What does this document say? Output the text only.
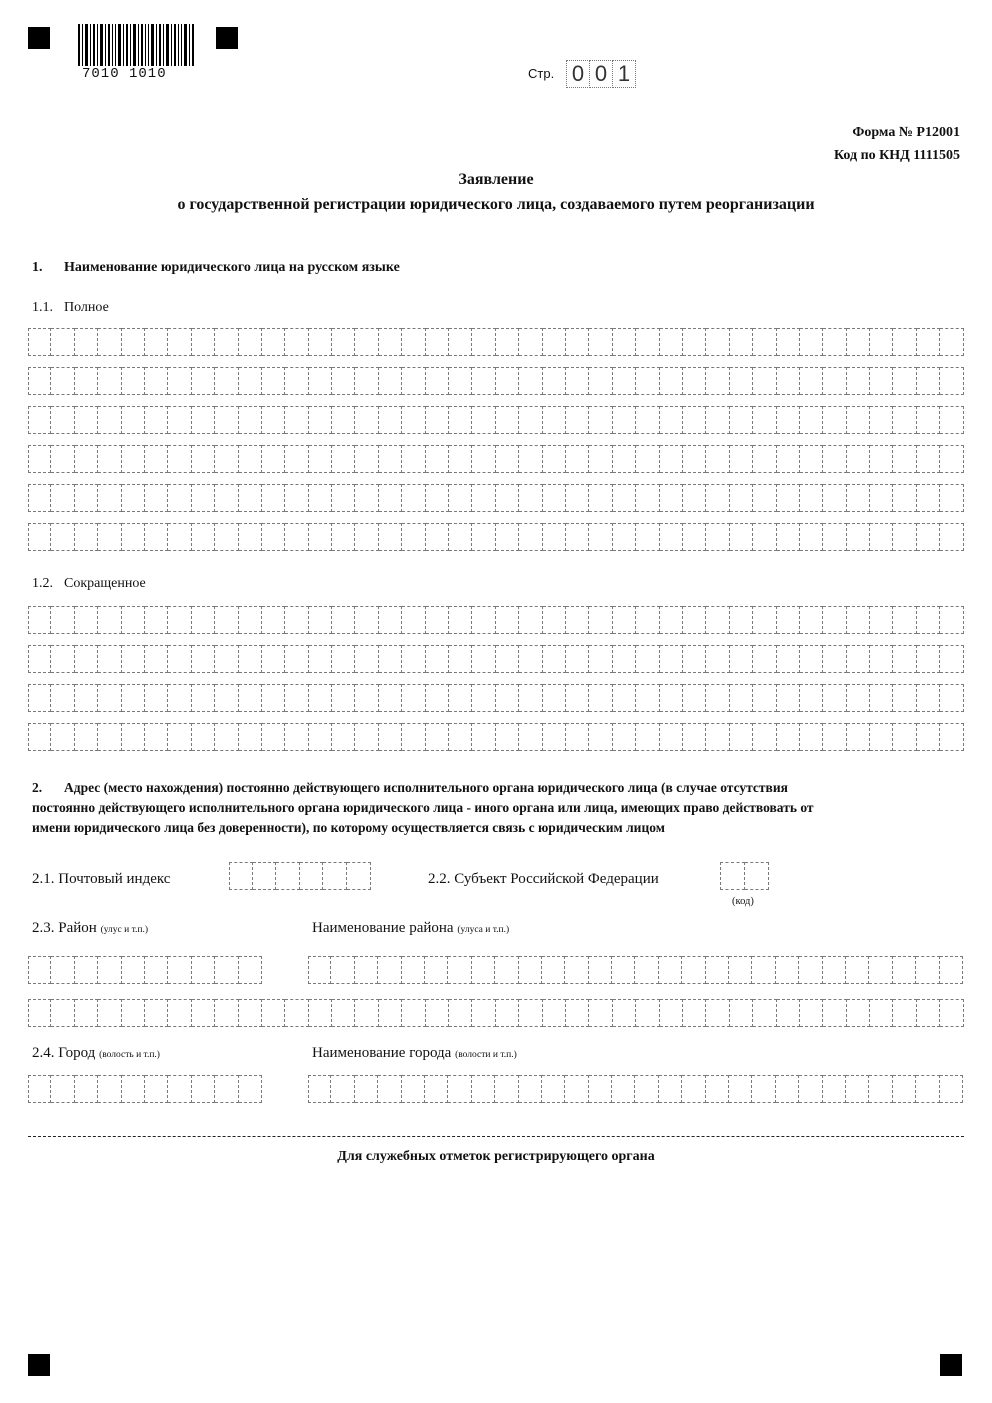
7010 1010	Стр. 0 0 1
Форма № Р12001
Код по КНД 1111505
Заявление
о государственной регистрации юридического лица, создаваемого путем реорганизации
1. Наименование юридического лица на русском языке
1.1. Полное
1.2. Сокращенное
2. Адрес (место нахождения) постоянно действующего исполнительного органа юридического лица (в случае отсутствия
постоянно действующего исполнительного органа юридического лица - иного органа или лица, имеющих право действовать от
имени юридического лица без доверенности), по которому осуществляется связь с юридическим лицом
2.1. Почтовый индекс	2.2. Субъект Российской Федерации
(код)
2.3. Район (улус и т.п.)	Наименование района (улуса и т.п.)
2.4. Город (волость и т.п.)	Наименование города (волости и т.п.)
Для служебных отметок регистрирующего органа
